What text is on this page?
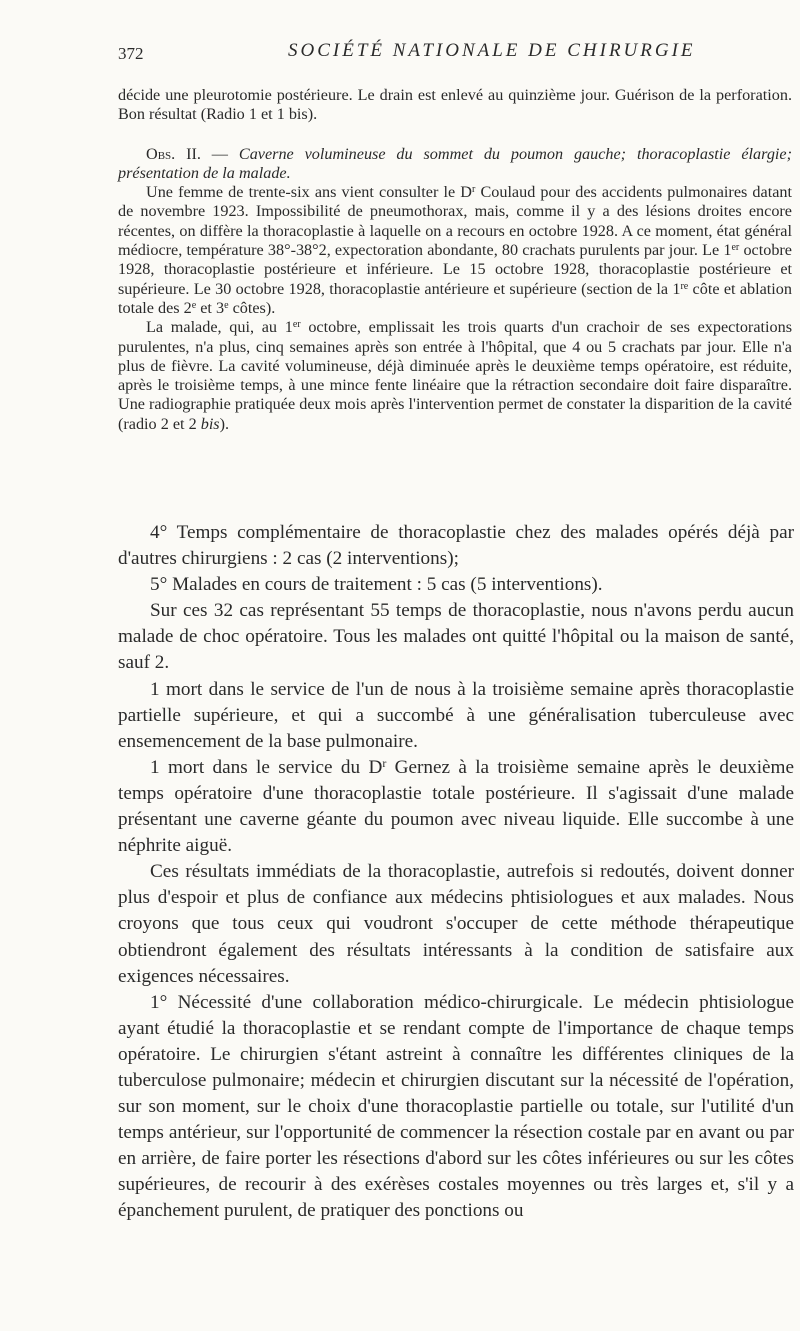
372	SOCIÉTÉ NATIONALE DE CHIRURGIE

décide une pleurotomie postérieure. Le drain est enlevé au quinzième jour. Guérison de la perforation. Bon résultat (Radio 1 et 1 bis).

Obs. II. — Caverne volumineuse du sommet du poumon gauche; thoracoplastie élargie; présentation de la malade.

Une femme de trente-six ans vient consulter le $D^r$ Coulaud pour des accidents pulmonaires datant de novembre 1923. Impossibilité de pneumothorax, mais, comme il y a des lésions droites encore récentes, on diffère la thoracoplastie à laquelle on a recours en octobre 1928. A ce moment, état général médiocre, température 38°-38°2, expectoration abondante, 80 crachats purulents par jour. Le 1er octobre 1928, thoracoplastie postérieure et inférieure. Le 15 octobre 1928, thoracoplastie postérieure et supérieure. Le 30 octobre 1928, thoracoplastie antérieure et supérieure (section de la 1re côte et ablation totale des 2e et 3e côtes).

La malade, qui, au 1er octobre, emplissait les trois quarts d'un crachoir de ses expectorations purulentes, n'a plus, cinq semaines après son entrée à l'hôpital, que 4 ou 5 crachats par jour. Elle n'a plus de fièvre. La cavité volumineuse, déjà diminuée après le deuxième temps opératoire, est réduite, après le troisième temps, à une mince fente linéaire que la rétraction secondaire doit faire disparaître. Une radiographie pratiquée deux mois après l'intervention permet de constater la disparition de la cavité (radio 2 et 2 bis).

4° Temps complémentaire de thoracoplastie chez des malades opérés déjà par d'autres chirurgiens : 2 cas (2 interventions);

5° Malades en cours de traitement : 5 cas (5 interventions).

Sur ces 32 cas représentant 55 temps de thoracoplastie, nous n'avons perdu aucun malade de choc opératoire. Tous les malades ont quitté l'hôpital ou la maison de santé, sauf 2.

1 mort dans le service de l'un de nous à la troisième semaine après thoracoplastie partielle supérieure, et qui a succombé à une généralisation tuberculeuse avec ensemencement de la base pulmonaire.

1 mort dans le service du $D^r$ Gernez à la troisième semaine après le deuxième temps opératoire d'une thoracoplastie totale postérieure. Il s'agissait d'une malade présentant une caverne géante du poumon avec niveau liquide. Elle succombe à une néphrite aiguë.

Ces résultats immédiats de la thoracoplastie, autrefois si redoutés, doivent donner plus d'espoir et plus de confiance aux médecins phtisiologues et aux malades. Nous croyons que tous ceux qui voudront s'occuper de cette méthode thérapeutique obtiendront également des résultats intéressants à la condition de satisfaire aux exigences nécessaires.

1° Nécessité d'une collaboration médico-chirurgicale. Le médecin phtisiologue ayant étudié la thoracoplastie et se rendant compte de l'importance de chaque temps opératoire. Le chirurgien s'étant astreint à connaître les différentes cliniques de la tuberculose pulmonaire; médecin et chirurgien discutant sur la nécessité de l'opération, sur son moment, sur le choix d'une thoracoplastie partielle ou totale, sur l'utilité d'un temps antérieur, sur l'opportunité de commencer la résection costale par en avant ou par en arrière, de faire porter les résections d'abord sur les côtes inférieures ou sur les côtes supérieures, de recourir à des exérèses costales moyennes ou très larges et, s'il y a épanchement purulent, de pratiquer des ponctions ou
